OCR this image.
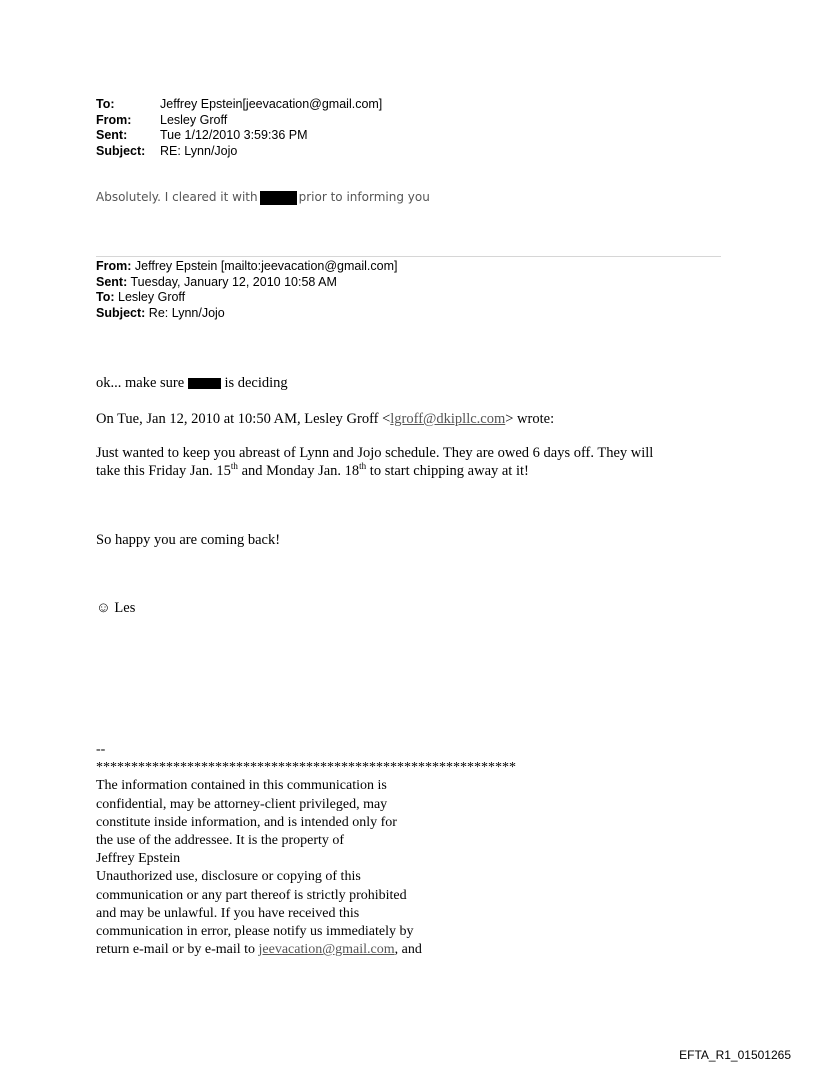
To:	Jeffrey Epstein[jeevacation@gmail.com]
From:	Lesley Groff
Sent:	Tue 1/12/2010 3:59:36 PM
Subject:	RE: Lynn/Jojo
Absolutely. I cleared it with	prior to informing you
From: Jeffrey Epstein [mailto:jeevacation@gmail.com]
Sent: Tuesday, January 12, 2010 10:58 AM
To: Lesley Groff
Subject: Re: Lynn/Jojo
ok... make sure	is deciding
On Tue, Jan 12, 2010 at 10:50 AM, Lesley Groff <lgroff@dkipllc.com> wrote:
Just wanted to keep you abreast of Lynn and Jojo schedule. They are owed 6 days off. They will
take this Friday Jan. 15th and Monday Jan. 18th to start chipping away at it!
So happy you are coming back!
☺ Les
--
************************************************************
The information contained in this communication is
confidential, may be attorney-client privileged, may
constitute inside information, and is intended only for
the use of the addressee. It is the property of
Jeffrey Epstein
Unauthorized use, disclosure or copying of this
communication or any part thereof is strictly prohibited
and may be unlawful. If you have received this
communication in error, please notify us immediately by
return e-mail or by e-mail to jeevacation@gmail.com, and
EFTA_R1_01501265
